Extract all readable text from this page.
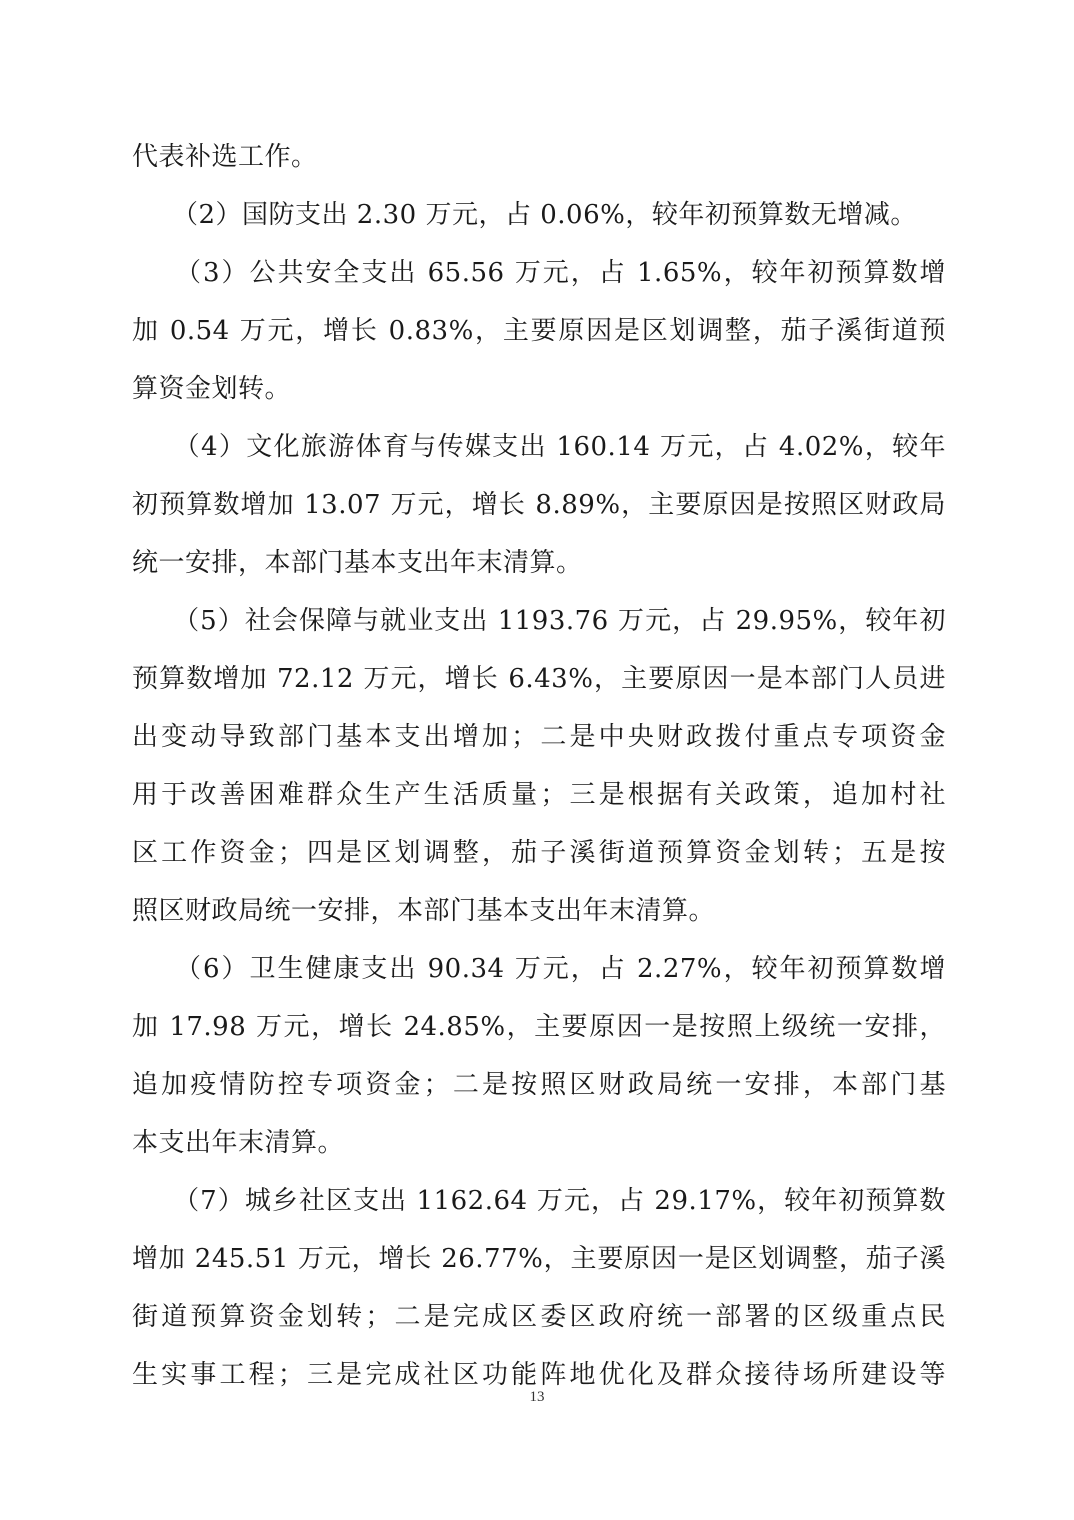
代表补选工作。
　　（2）国防支出 2.30 万元，占 0.06%，较年初预算数无增减。
　　（3）公共安全支出 65.56 万元，占 1.65%，较年初预算数增
加 0.54 万元，增长 0.83%，主要原因是区划调整，茄子溪街道预
算资金划转。
　　（4）文化旅游体育与传媒支出 160.14 万元，占 4.02%，较年
初预算数增加 13.07 万元，增长 8.89%，主要原因是按照区财政局
统一安排，本部门基本支出年末清算。
　　（5）社会保障与就业支出 1193.76 万元，占 29.95%，较年初
预算数增加 72.12 万元，增长 6.43%，主要原因一是本部门人员进
出变动导致部门基本支出增加；二是中央财政拨付重点专项资金
用于改善困难群众生产生活质量；三是根据有关政策，追加村社
区工作资金；四是区划调整，茄子溪街道预算资金划转；五是按
照区财政局统一安排，本部门基本支出年末清算。
　　（6）卫生健康支出 90.34 万元，占 2.27%，较年初预算数增
加 17.98 万元，增长 24.85%，主要原因一是按照上级统一安排，
追加疫情防控专项资金；二是按照区财政局统一安排，本部门基
本支出年末清算。
　　（7）城乡社区支出 1162.64 万元，占 29.17%，较年初预算数
增加 245.51 万元，增长 26.77%，主要原因一是区划调整，茄子溪
街道预算资金划转；二是完成区委区政府统一部署的区级重点民
生实事工程；三是完成社区功能阵地优化及群众接待场所建设等
13
